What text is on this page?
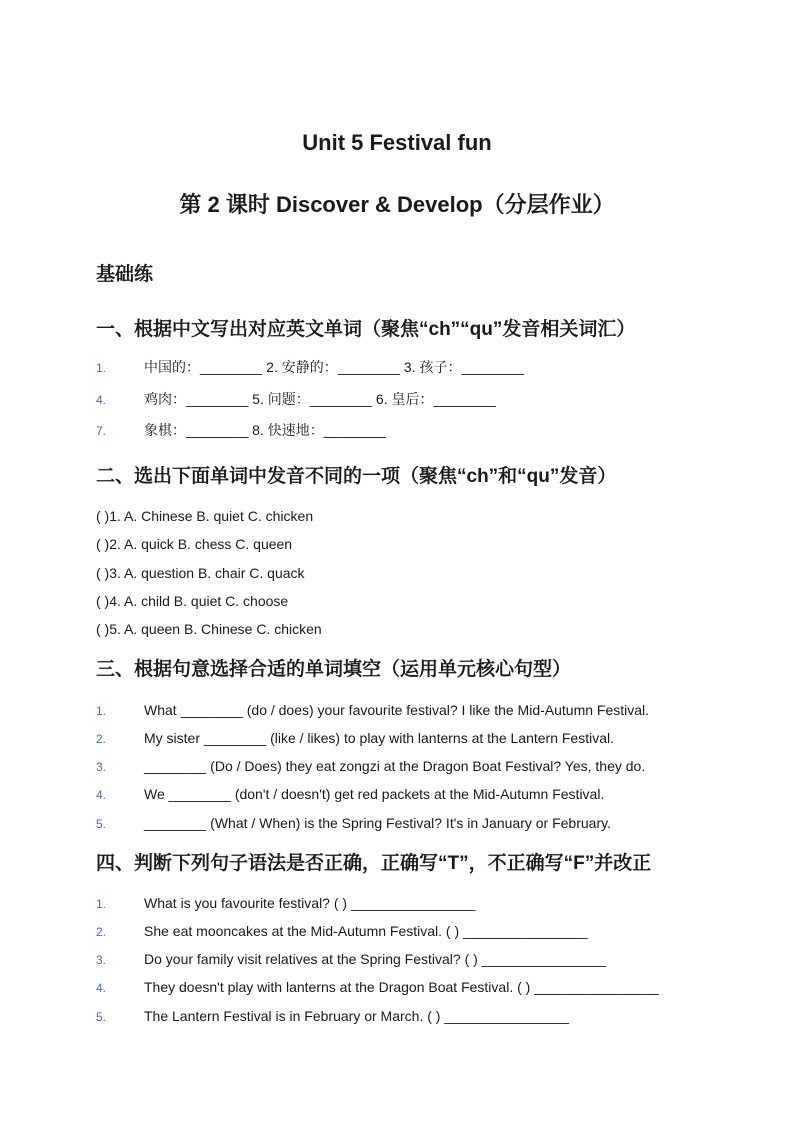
Unit 5 Festival fun
第 2 课时 Discover & Develop（分层作业）
基础练
一、根据中文写出对应英文单词（聚焦“ch”“qu”发音相关词汇）
1.	中国的：________ 2. 安静的：________ 3. 孩子：________
4.	鸡肉：________ 5. 问题：________ 6. 皇后：________
7.	象棋：________ 8. 快速地：________
二、选出下面单词中发音不同的一项（聚焦“ch”和“qu”发音）
( )1. A. Chinese B. quiet C. chicken
( )2. A. quick B. chess C. queen
( )3. A. question B. chair C. quack
( )4. A. child B. quiet C. choose
( )5. A. queen B. Chinese C. chicken
三、根据句意选择合适的单词填空（运用单元核心句型）
1.	What ________ (do / does) your favourite festival? I like the Mid-Autumn Festival.
2.	My sister ________ (like / likes) to play with lanterns at the Lantern Festival.
3.	________ (Do / Does) they eat zongzi at the Dragon Boat Festival? Yes, they do.
4.	We ________ (don't / doesn't) get red packets at the Mid-Autumn Festival.
5.	________ (What / When) is the Spring Festival? It's in January or February.
四、判断下列句子语法是否正确，正确写“T”，不正确写“F”并改正
1.	What is you favourite festival? ( ) ________________
2.	She eat mooncakes at the Mid-Autumn Festival. ( ) ________________
3.	Do your family visit relatives at the Spring Festival? ( ) ________________
4.	They doesn't play with lanterns at the Dragon Boat Festival. ( ) ________________
5.	The Lantern Festival is in February or March. ( ) ________________
